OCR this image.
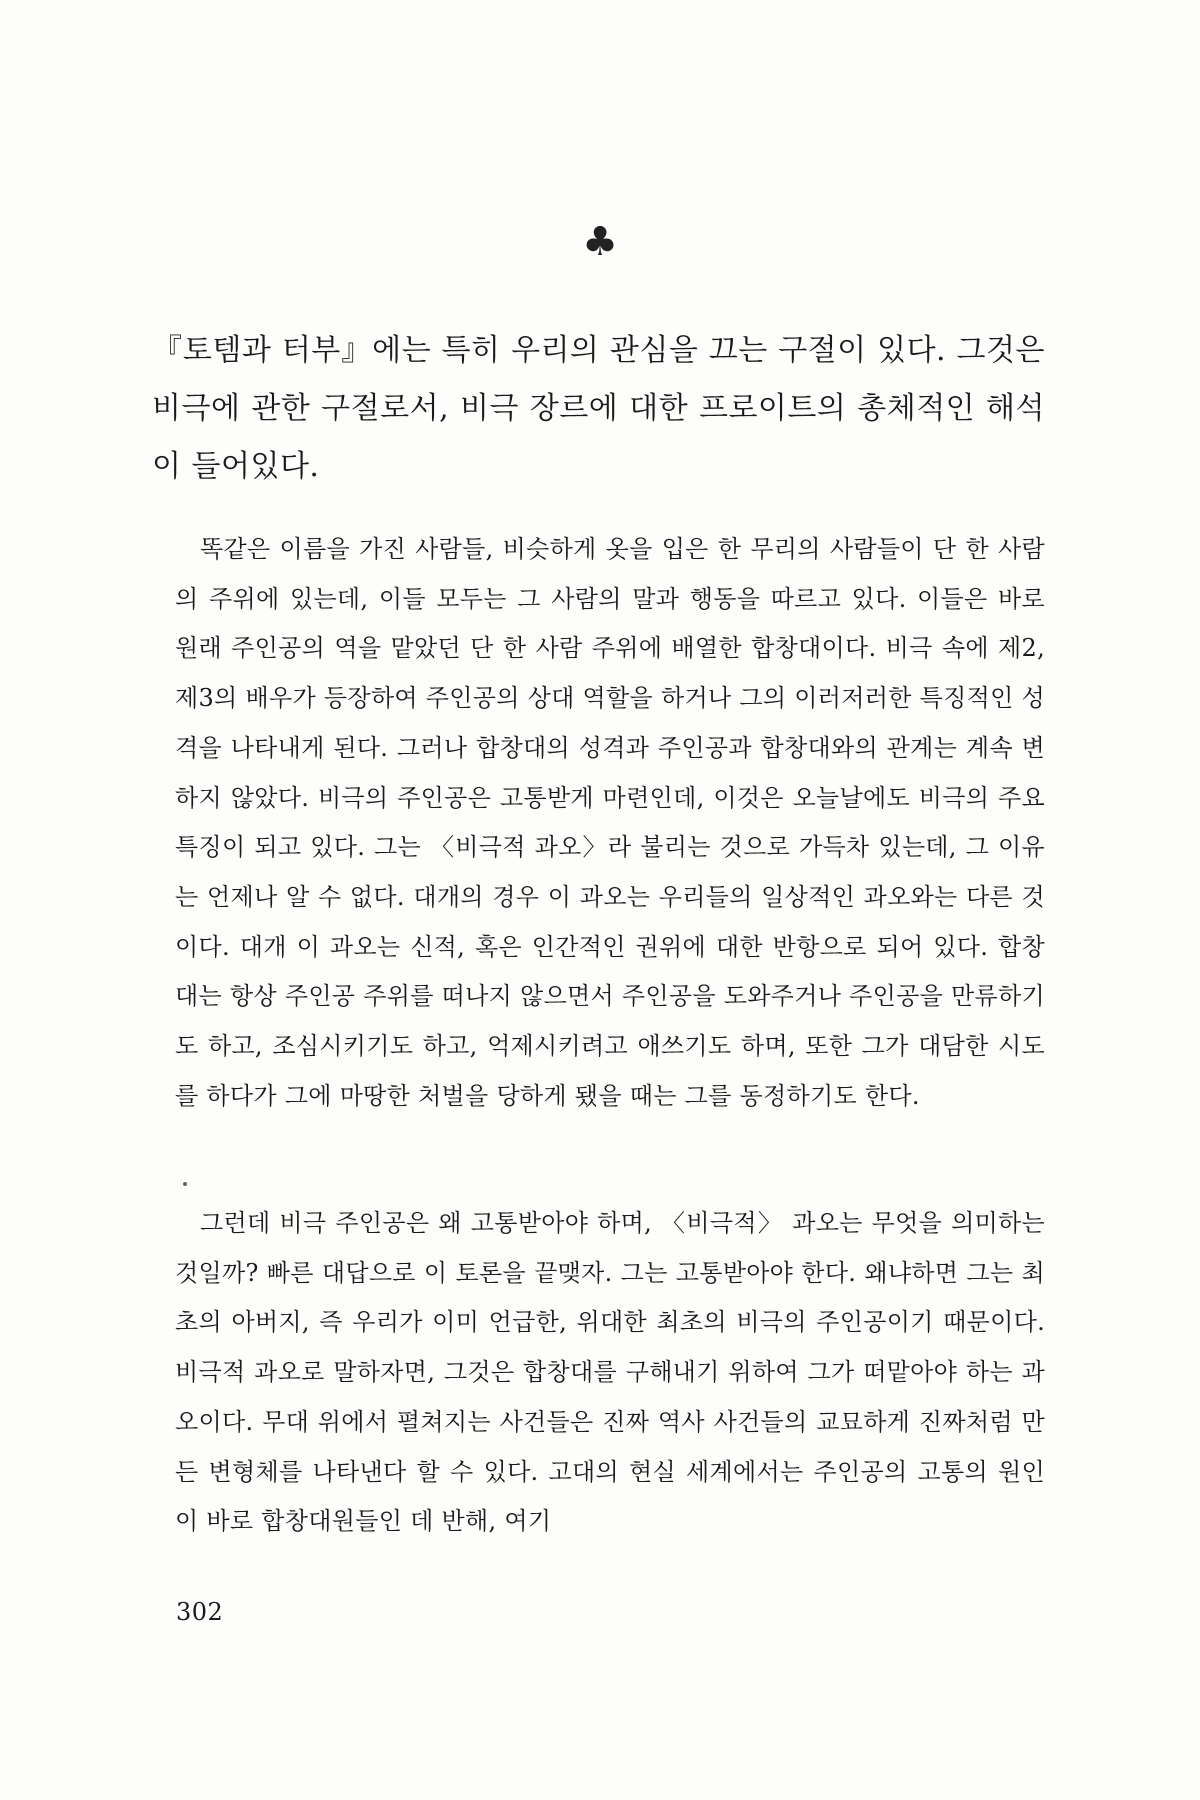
♣

『토템과 터부』에는 특히 우리의 관심을 끄는 구절이 있다. 그것은 비극에 관한 구절로서, 비극 장르에 대한 프로이트의 총체적인 해석이 들어있다.

똑같은 이름을 가진 사람들, 비슷하게 옷을 입은 한 무리의 사람들이 단 한 사람의 주위에 있는데, 이들 모두는 그 사람의 말과 행동을 따르고 있다. 이들은 바로 원래 주인공의 역을 맡았던 단 한 사람 주위에 배열한 합창대이다. 비극 속에 제2, 제3의 배우가 등장하여 주인공의 상대 역할을 하거나 그의 이러저러한 특징적인 성격을 나타내게 된다. 그러나 합창대의 성격과 주인공과 합창대와의 관계는 계속 변하지 않았다. 비극의 주인공은 고통받게 마련인데, 이것은 오늘날에도 비극의 주요 특징이 되고 있다. 그는 〈비극적 과오〉라 불리는 것으로 가득차 있는데, 그 이유는 언제나 알 수 없다. 대개의 경우 이 과오는 우리들의 일상적인 과오와는 다른 것이다. 대개 이 과오는 신적, 혹은 인간적인 권위에 대한 반항으로 되어 있다. 합창대는 항상 주인공 주위를 떠나지 않으면서 주인공을 도와주거나 주인공을 만류하기도 하고, 조심시키기도 하고, 억제시키려고 애쓰기도 하며, 또한 그가 대담한 시도를 하다가 그에 마땅한 처벌을 당하게 됐을 때는 그를 동정하기도 한다.

그런데 비극 주인공은 왜 고통받아야 하며, 〈비극적〉 과오는 무엇을 의미하는 것일까? 빠른 대답으로 이 토론을 끝맺자. 그는 고통받아야 한다. 왜냐하면 그는 최초의 아버지, 즉 우리가 이미 언급한, 위대한 최초의 비극의 주인공이기 때문이다. 비극적 과오로 말하자면, 그것은 합창대를 구해내기 위하여 그가 떠맡아야 하는 과오이다. 무대 위에서 펼쳐지는 사건들은 진짜 역사 사건들의 교묘하게 진짜처럼 만든 변형체를 나타낸다 할 수 있다. 고대의 현실 세계에서는 주인공의 고통의 원인이 바로 합창대원들인 데 반해, 여기

302
